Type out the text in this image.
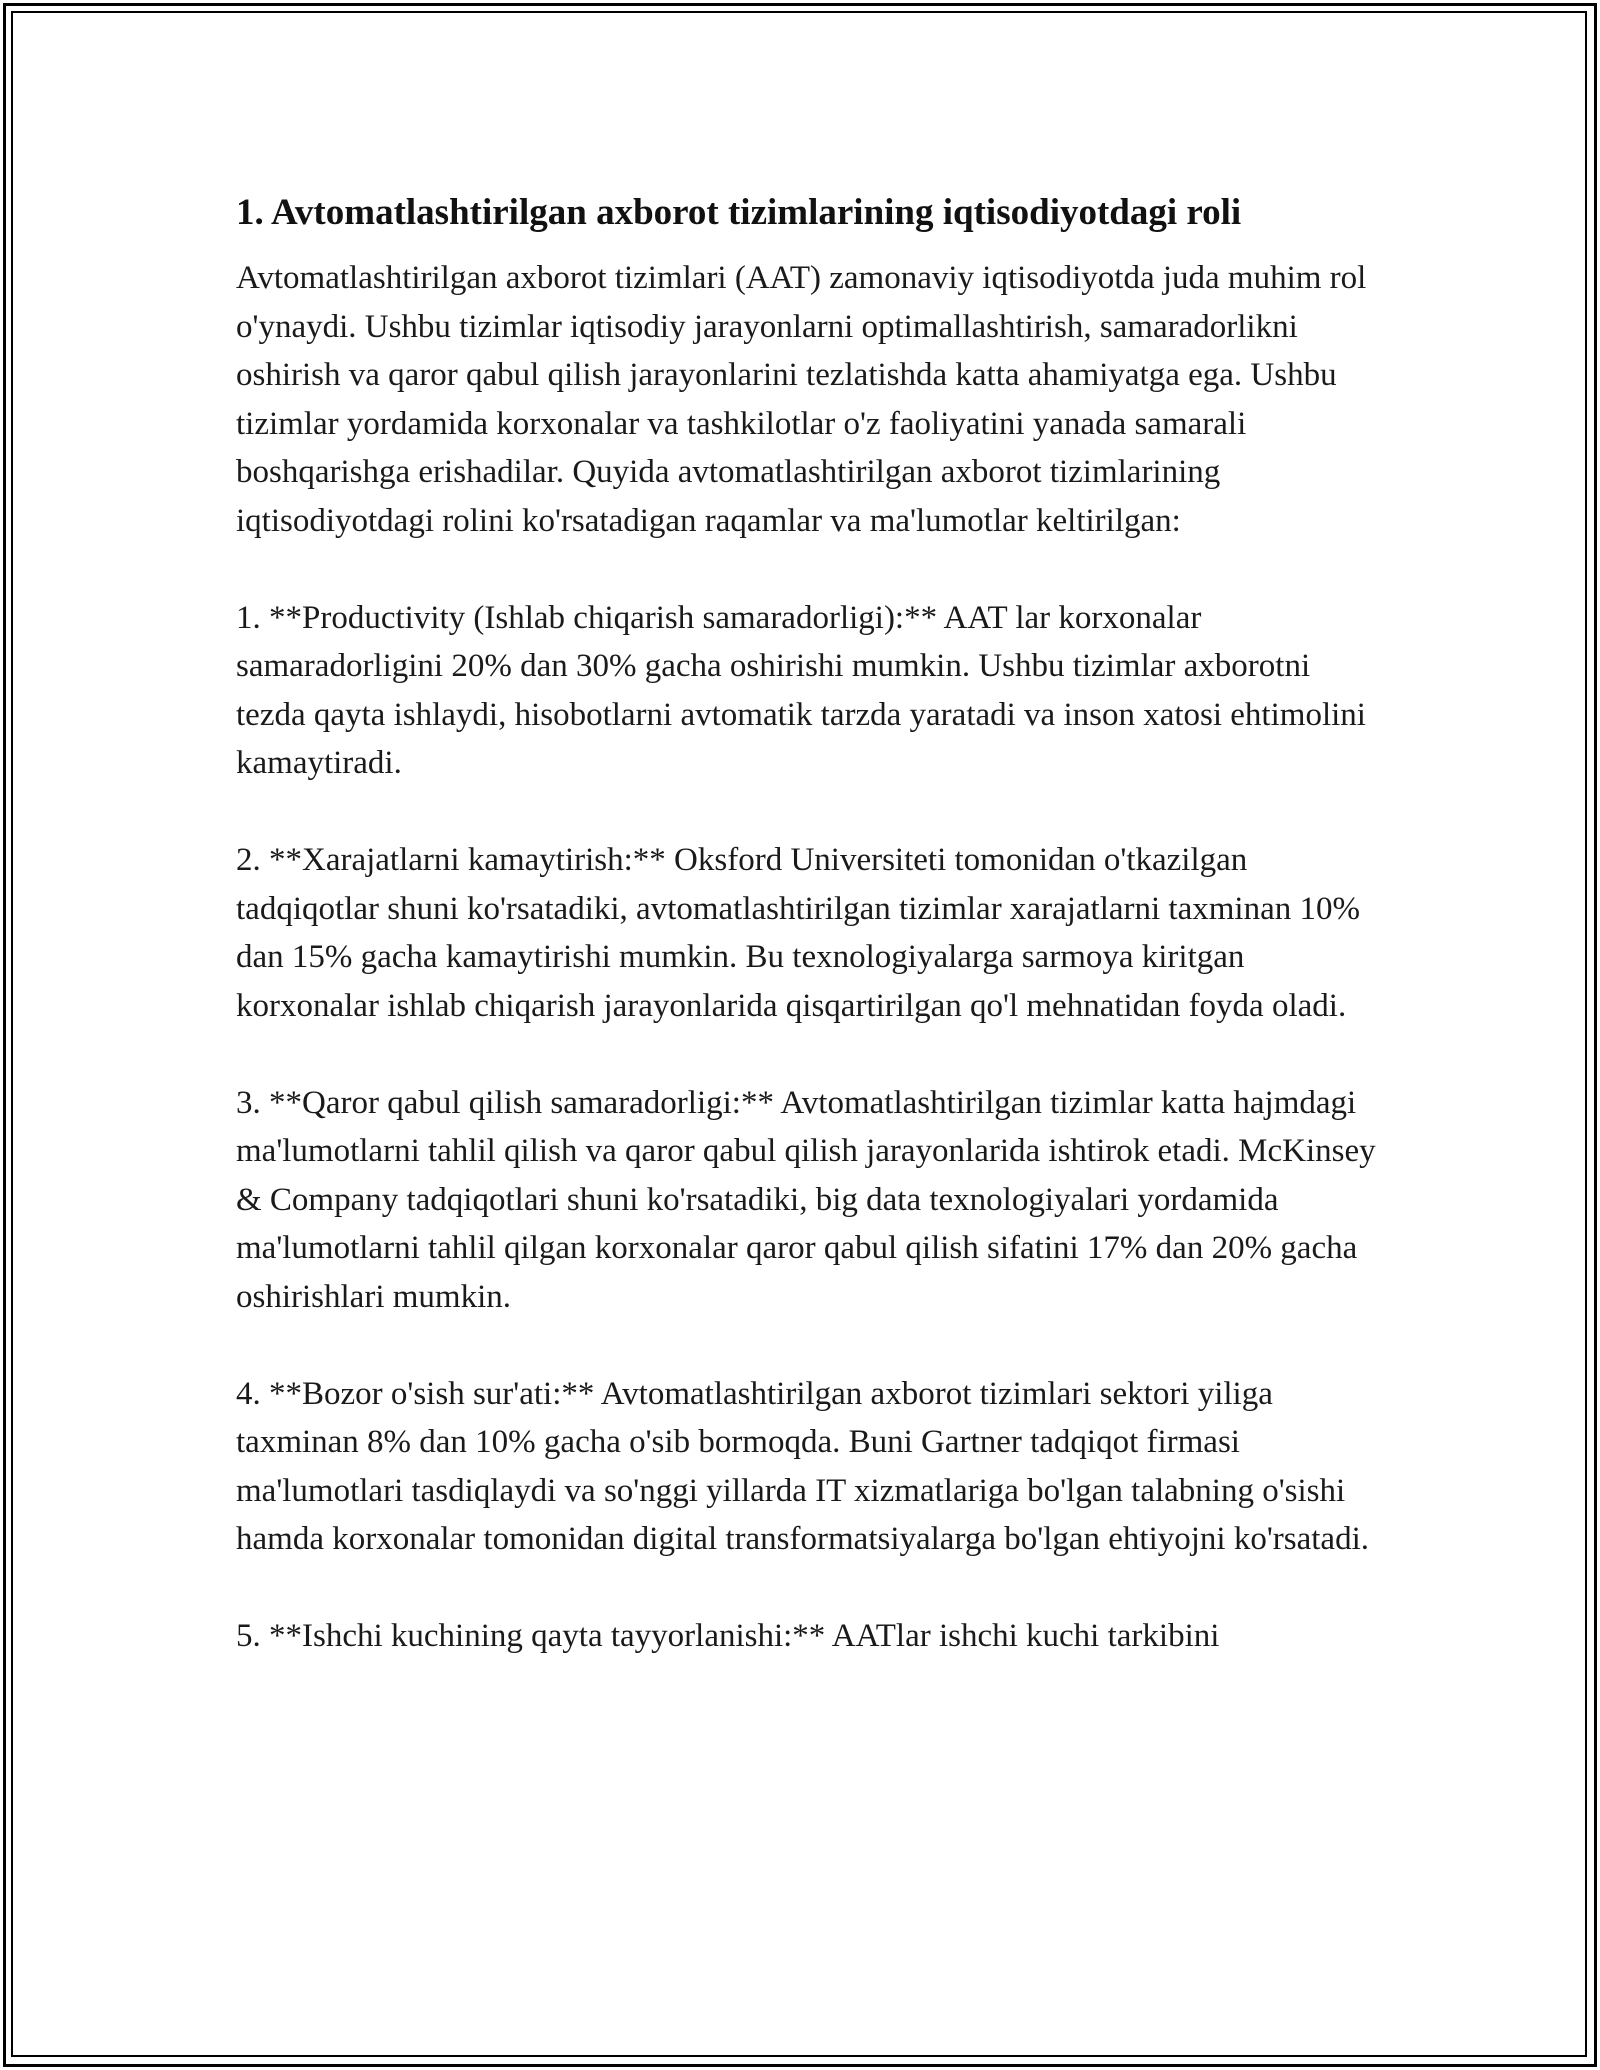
1. Avtomatlashtirilgan axborot tizimlarining iqtisodiyotdagi roli

Avtomatlashtirilgan axborot tizimlari (AAT) zamonaviy iqtisodiyotda juda muhim rol o'ynaydi. Ushbu tizimlar iqtisodiy jarayonlarni optimallashtirish, samaradorlikni oshirish va qaror qabul qilish jarayonlarini tezlatishda katta ahamiyatga ega. Ushbu tizimlar yordamida korxonalar va tashkilotlar o'z faoliyatini yanada samarali boshqarishga erishadilar. Quyida avtomatlashtirilgan axborot tizimlarining iqtisodiyotdagi rolini ko'rsatadigan raqamlar va ma'lumotlar keltirilgan:

1. **Productivity (Ishlab chiqarish samaradorligi):** AAT lar korxonalar samaradorligini 20% dan 30% gacha oshirishi mumkin. Ushbu tizimlar axborotni tezda qayta ishlaydi, hisobotlarni avtomatik tarzda yaratadi va inson xatosi ehtimolini kamaytiradi.

2. **Xarajatlarni kamaytirish:** Oksford Universiteti tomonidan o'tkazilgan tadqiqotlar shuni ko'rsatadiki, avtomatlashtirilgan tizimlar xarajatlarni taxminan 10% dan 15% gacha kamaytirishi mumkin. Bu texnologiyalarga sarmoya kiritgan korxonalar ishlab chiqarish jarayonlarida qisqartirilgan qo'l mehnatidan foyda oladi.

3. **Qaror qabul qilish samaradorligi:** Avtomatlashtirilgan tizimlar katta hajmdagi ma'lumotlarni tahlil qilish va qaror qabul qilish jarayonlarida ishtirok etadi. McKinsey & Company tadqiqotlari shuni ko'rsatadiki, big data texnologiyalari yordamida ma'lumotlarni tahlil qilgan korxonalar qaror qabul qilish sifatini 17% dan 20% gacha oshirishlari mumkin.

4. **Bozor o'sish sur'ati:** Avtomatlashtirilgan axborot tizimlari sektori yiliga taxminan 8% dan 10% gacha o'sib bormoqda. Buni Gartner tadqiqot firmasi ma'lumotlari tasdiqlaydi va so'nggi yillarda IT xizmatlariga bo'lgan talabning o'sishi hamda korxonalar tomonidan digital transformatsiyalarga bo'lgan ehtiyojni ko'rsatadi.

5. **Ishchi kuchining qayta tayyorlanishi:** AATlar ishchi kuchi tarkibini
